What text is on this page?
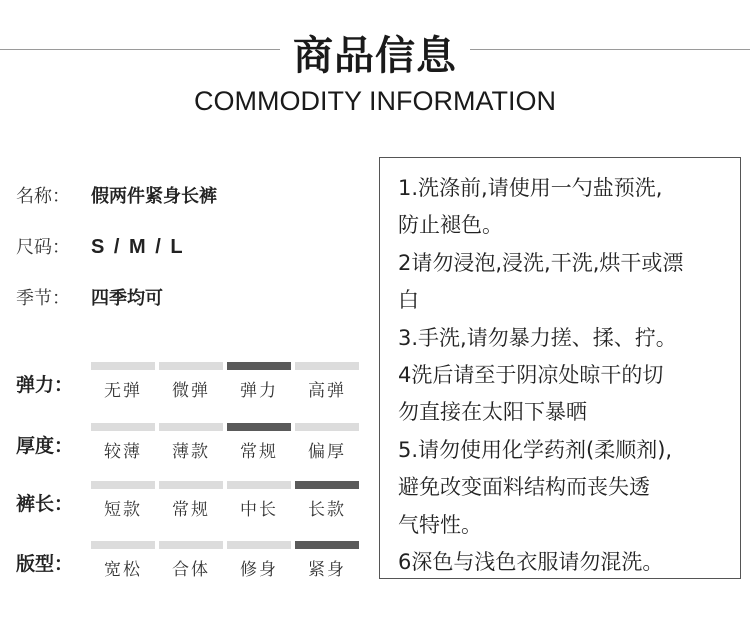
商品信息
COMMODITY INFORMATION
名称： 假两件紧身长裤
尺码： S / M / L
季节： 四季均可
弹力：	无弹	微弹	弹力	高弹
厚度：	较薄	薄款	常规	偏厚
裤长：	短款	常规	中长	长款
版型：	宽松	合体	修身	紧身
1.洗涤前,请使用一勺盐预洗,
防止褪色。
2请勿浸泡,浸洗,干洗,烘干或漂
白
3.手洗,请勿暴力搓、揉、拧。
4洗后请至于阴凉处晾干的切
勿直接在太阳下暴晒
5.请勿使用化学药剂(柔顺剂),
避免改变面料结构而丧失透
气特性。
6深色与浅色衣服请勿混洗。
